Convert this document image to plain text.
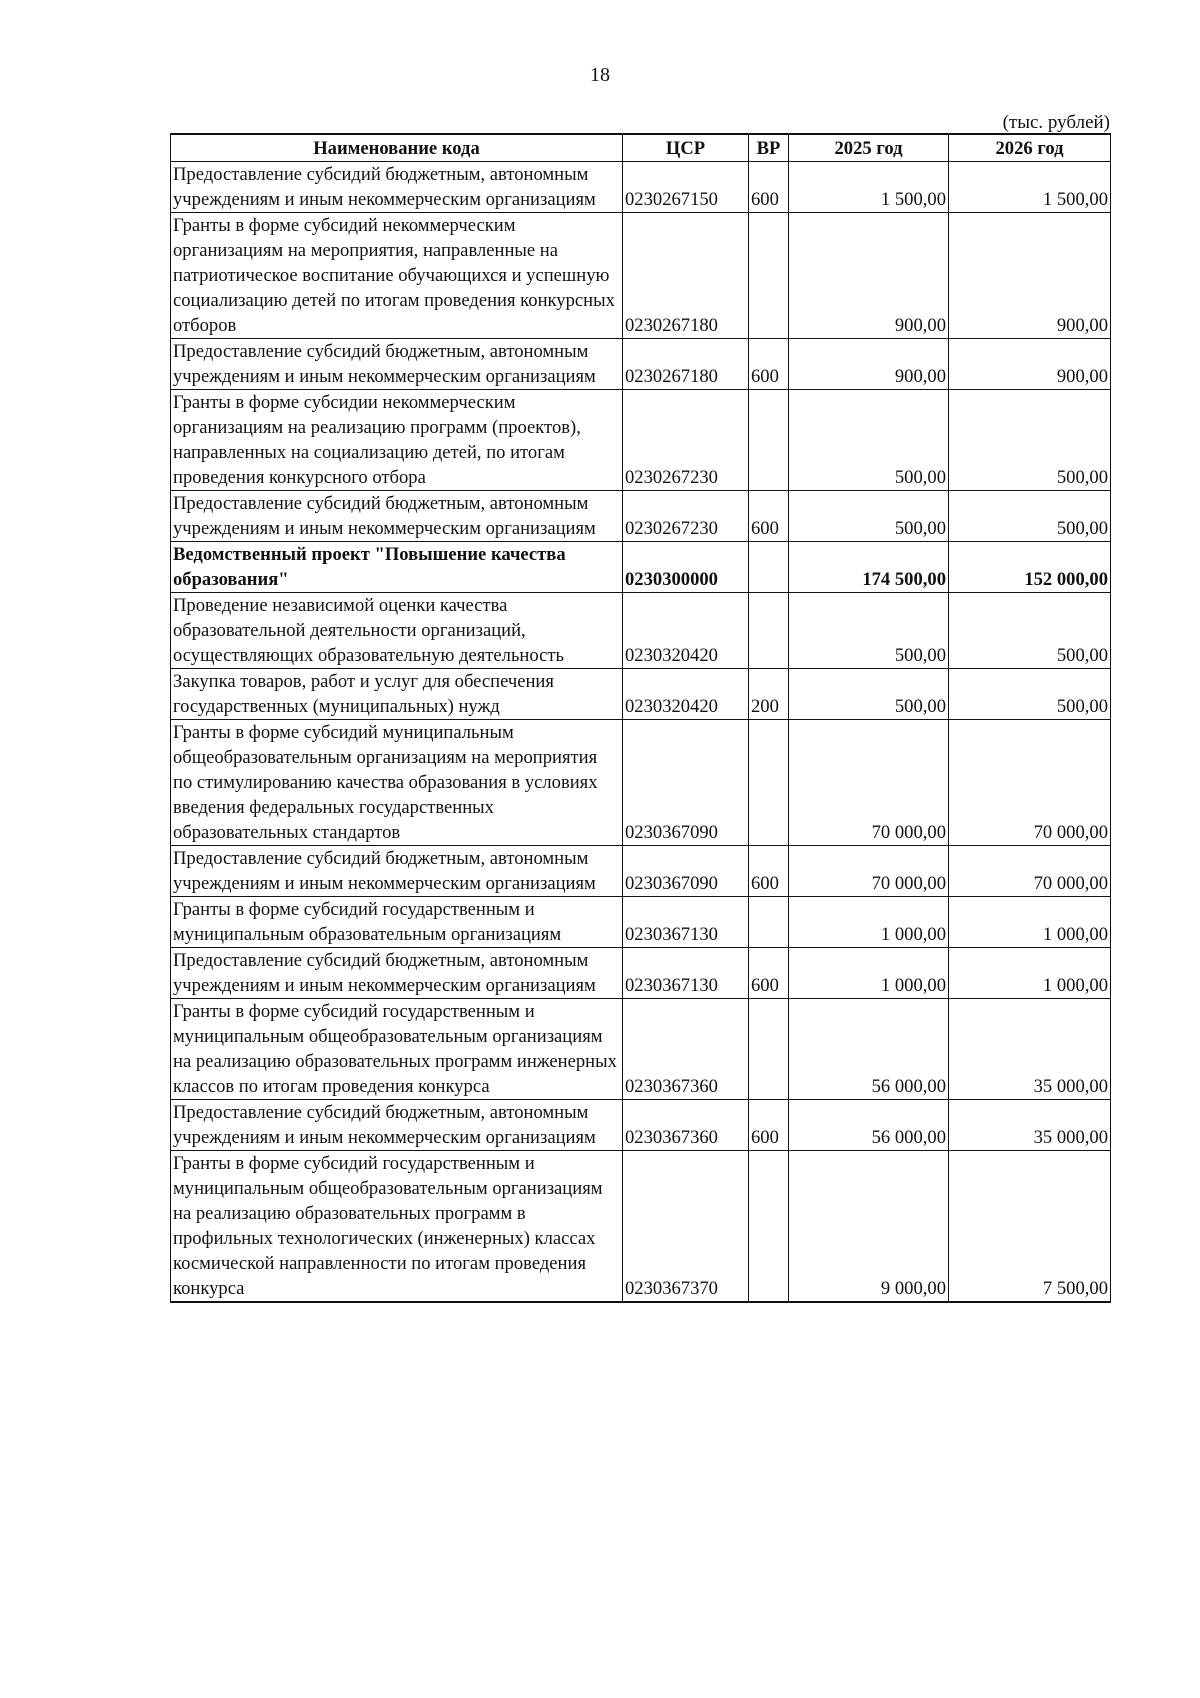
18
(тыс. рублей)
Наименование кода	ЦСР	ВР	2025 год	2026 год
Предоставление субсидий бюджетным, автономным учреждениям и иным некоммерческим организациям	0230267150	600	1 500,00	1 500,00
Гранты в форме субсидий некоммерческим организациям на мероприятия, направленные на патриотическое воспитание обучающихся и успешную социализацию детей по итогам проведения конкурсных отборов	0230267180		900,00	900,00
Предоставление субсидий бюджетным, автономным учреждениям и иным некоммерческим организациям	0230267180	600	900,00	900,00
Гранты в форме субсидии некоммерческим организациям на реализацию программ (проектов), направленных на социализацию детей, по итогам проведения конкурсного отбора	0230267230		500,00	500,00
Предоставление субсидий бюджетным, автономным учреждениям и иным некоммерческим организациям	0230267230	600	500,00	500,00
Ведомственный проект "Повышение качества образования"	0230300000		174 500,00	152 000,00
Проведение независимой оценки качества образовательной деятельности организаций, осуществляющих образовательную деятельность	0230320420		500,00	500,00
Закупка товаров, работ и услуг для обеспечения государственных (муниципальных) нужд	0230320420	200	500,00	500,00
Гранты в форме субсидий муниципальным общеобразовательным организациям на мероприятия по стимулированию качества образования в условиях введения федеральных государственных образовательных стандартов	0230367090		70 000,00	70 000,00
Предоставление субсидий бюджетным, автономным учреждениям и иным некоммерческим организациям	0230367090	600	70 000,00	70 000,00
Гранты в форме субсидий государственным и муниципальным образовательным организациям	0230367130		1 000,00	1 000,00
Предоставление субсидий бюджетным, автономным учреждениям и иным некоммерческим организациям	0230367130	600	1 000,00	1 000,00
Гранты в форме субсидий государственным и муниципальным общеобразовательным организациям на реализацию образовательных программ инженерных классов по итогам проведения конкурса	0230367360		56 000,00	35 000,00
Предоставление субсидий бюджетным, автономным учреждениям и иным некоммерческим организациям	0230367360	600	56 000,00	35 000,00
Гранты в форме субсидий государственным и муниципальным общеобразовательным организациям на реализацию образовательных программ в профильных технологических (инженерных) классах космической направленности по итогам проведения конкурса	0230367370		9 000,00	7 500,00
